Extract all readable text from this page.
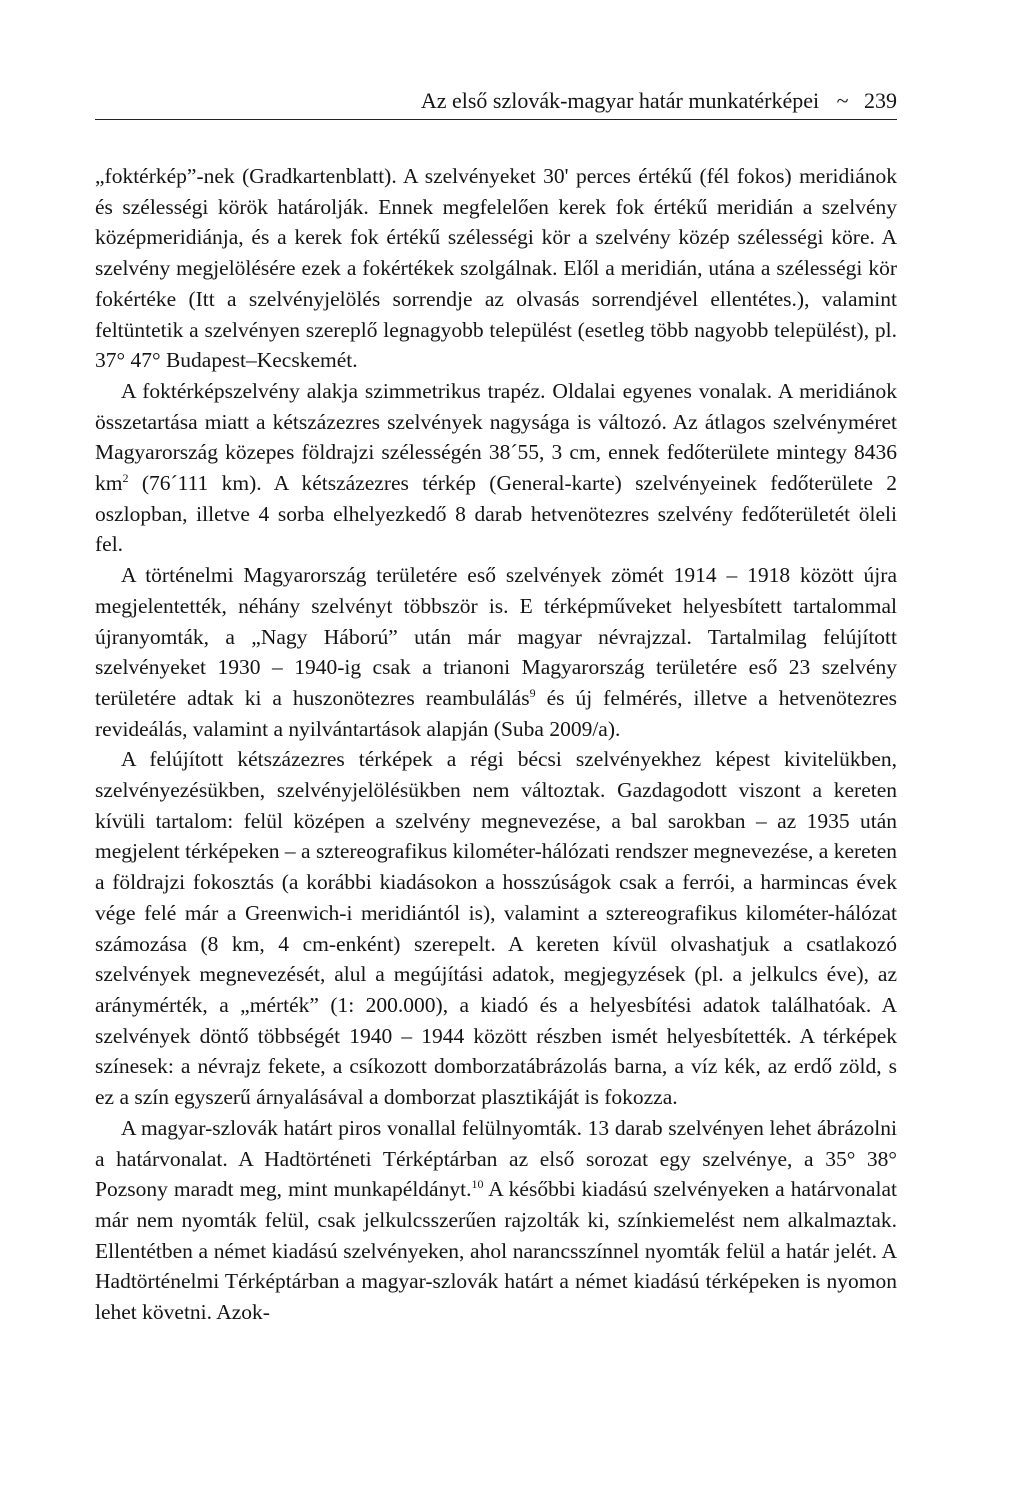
Az első szlovák-magyar határ munkatérképei ~ 239

„foktérkép”-nek (Gradkartenblatt). A szelvényeket 30' perces értékű (fél fokos) meridiánok és szélességi körök határolják. Ennek megfelelően kerek fok értékű meridián a szelvény középmeridiánja, és a kerek fok értékű szélességi kör a szelvény közép szélességi köre. A szelvény megjelölésére ezek a fokértékek szolgálnak. Elől a meridián, utána a szélességi kör fokértéke (Itt a szelvényjelölés sorrendje az olvasás sorrendjével ellentétes.), valamint feltüntetik a szelvényen szereplő legnagyobb települést (esetleg több nagyobb települést), pl. 37° 47° Budapest–Kecskemét.

A foktérképszelvény alakja szimmetrikus trapéz. Oldalai egyenes vonalak. A meridiánok összetartása miatt a kétszázezres szelvények nagysága is változó. Az átlagos szelvényméret Magyarország közepes földrajzi szélességén 38´55, 3 cm, ennek fedőterülete mintegy 8436 $km^2$ (76´111 km). A kétszázezres térkép (General-karte) szelvényeinek fedőterülete 2 oszlopban, illetve 4 sorba elhelyezkedő 8 darab hetvenötezres szelvény fedőterületét öleli fel.

A történelmi Magyarország területére eső szelvények zömét 1914 – 1918 között újra megjelentették, néhány szelvényt többször is. E térképműveket helyesbített tartalommal újranyomták, a „Nagy Háború” után már magyar névrajzzal. Tartalmilag felújított szelvényeket 1930 – 1940-ig csak a trianoni Magyarország területére eső 23 szelvény területére adtak ki a huszonötezres reambulálás$^9$ és új felmérés, illetve a hetvenötezres revideálás, valamint a nyilvántartások alapján (Suba 2009/a).

A felújított kétszázezres térképek a régi bécsi szelvényekhez képest kivitelükben, szelvényezésükben, szelvényjelölésükben nem változtak. Gazdagodott viszont a kereten kívüli tartalom: felül középen a szelvény megnevezése, a bal sarokban – az 1935 után megjelent térképeken – a sztereografikus kilométer-hálózati rendszer megnevezése, a kereten a földrajzi fokosztás (a korábbi kiadásokon a hosszúságok csak a ferrói, a harmincas évek vége felé már a Greenwich-i meridiántól is), valamint a sztereografikus kilométer-hálózat számozása (8 km, 4 cm-enként) szerepelt. A kereten kívül olvashatjuk a csatlakozó szelvények megnevezését, alul a megújítási adatok, megjegyzések (pl. a jelkulcs éve), az aránymérték, a „mérték” (1: 200.000), a kiadó és a helyesbítési adatok találhatóak. A szelvények döntő többségét 1940 – 1944 között részben ismét helyesbítették. A térképek színesek: a névrajz fekete, a csíkozott domborzatábrázolás barna, a víz kék, az erdő zöld, s ez a szín egyszerű árnyalásával a domborzat plasztikáját is fokozza.

A magyar-szlovák határt piros vonallal felülnyomták. 13 darab szelvényen lehet ábrázolni a határvonalat. A Hadtörténeti Térképtárban az első sorozat egy szelvénye, a 35° 38° Pozsony maradt meg, mint munkapéldányt.$^{10}$ A későbbi kiadású szelvényeken a határvonalat már nem nyomták felül, csak jelkulcsszerűen rajzolták ki, színkiemelést nem alkalmaztak. Ellentétben a német kiadású szelvényeken, ahol narancsszínnel nyomták felül a határ jelét. A Hadtörténelmi Térképtárban a magyar-szlovák határt a német kiadású térképeken is nyomon lehet követni. Azok-
